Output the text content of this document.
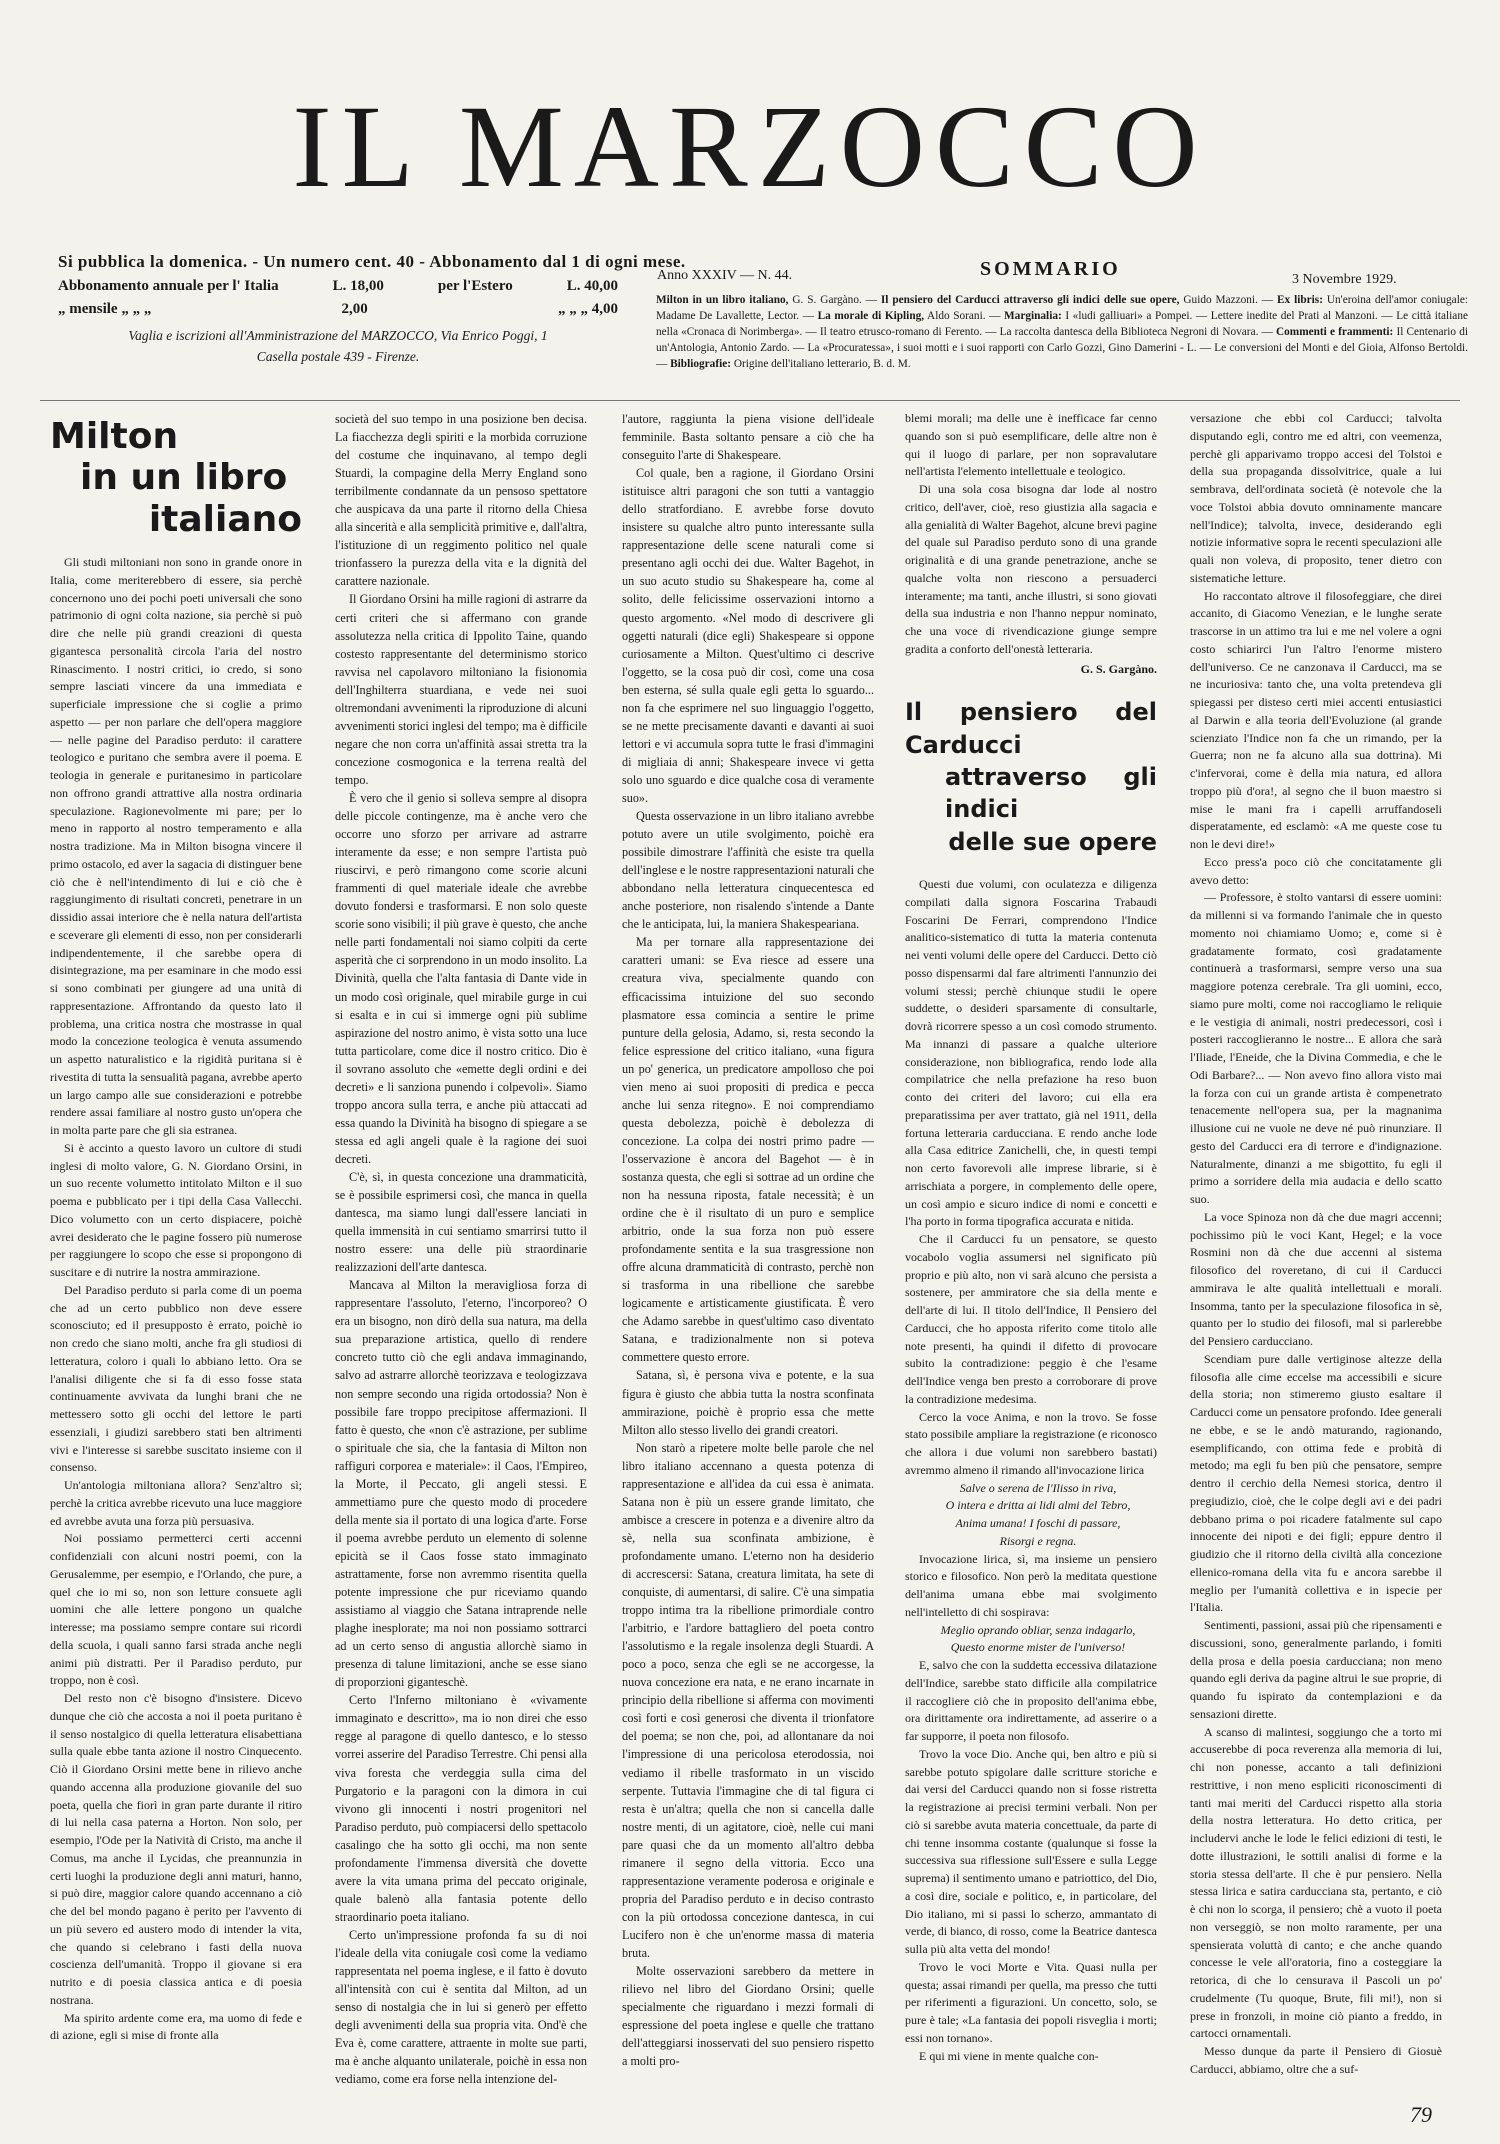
IL MARZOCCO
Si pubblica la domenica. - Un numero cent. 40 - Abbonamento dal 1 di ogni mese.
Abbonamento annuale per l' Italia	L. 18,00	per l'Estero	L. 40,00
„ mensile „ „ „	2,00	„ „ „ 4,00
Vaglia e iscrizioni all'Amministrazione del MARZOCCO, Via Enrico Poggi, 1
Casella postale 439 - Firenze.
Anno XXXIV — N. 44.	SOMMARIO	3 Novembre 1929.
Milton in un libro italiano, G. S. Gargàno. — Il pensiero del Carducci attraverso gli indici delle sue opere, Guido Mazzoni. — Ex libris: Un'eroina dell'amor coniugale: Madame De Lavallette, Lector. — La morale di Kipling, Aldo Sorani. — Marginalia: I «ludi galliuari» a Pompei. — Lettere inedite del Prati al Manzoni. — Le città italiane nella «Cronaca di Norimberga». — Il teatro etrusco-romano di Ferento. — La raccolta dantesca della Biblioteca Negroni di Novara. — Commenti e frammenti: Il Centenario di un'Antologia, Antonio Zardo. — La «Procuratessa», i suoi motti e i suoi rapporti con Carlo Gozzi, Gino Damerini - L. — Le conversioni del Monti e del Gioia, Alfonso Bertoldi. — Bibliografie: Origine dell'italiano letterario, B. d. M.
Milton
in un libro
italiano

Gli studi miltoniani non sono in grande onore in Italia, come meriterebbero di essere, sia perchè concernono uno dei pochi poeti universali che sono patrimonio di ogni colta nazione, sia perchè si può dire che nelle più grandi creazioni di questa gigantesca personalità circola l'aria del nostro Rinascimento. I nostri critici, io credo, si sono sempre lasciati vincere da una immediata e superficiale impressione che si coglie a primo aspetto — per non parlare che dell'opera maggiore — nelle pagine del Paradiso perduto: il carattere teologico e puritano che sembra avere il poema. E teologia in generale e puritanesimo in particolare non offrono grandi attrattive alla nostra ordinaria speculazione. Ragionevolmente mi pare; per lo meno in rapporto al nostro temperamento e alla nostra tradizione. Ma in Milton bisogna vincere il primo ostacolo, ed aver la sagacia di distinguer bene ciò che è nell'intendimento di lui e ciò che è raggiungimento di risultati concreti, penetrare in un dissidio assai interiore che è nella natura dell'artista e sceverare gli elementi di esso, non per considerarli indipendentemente, il che sarebbe opera di disintegrazione, ma per esaminare in che modo essi si sono combinati per giungere ad una unità di rappresentazione. Affrontando da questo lato il problema, una critica nostra che mostrasse in qual modo la concezione teologica è venuta assumendo un aspetto naturalistico e la rigidità puritana si è rivestita di tutta la sensualità pagana, avrebbe aperto un largo campo alle sue considerazioni e potrebbe rendere assai familiare al nostro gusto un'opera che in molta parte pare che gli sia estranea.

Si è accinto a questo lavoro un cultore di studi inglesi di molto valore, G. N. Giordano Orsini, in un suo recente volumetto intitolato Milton e il suo poema e pubblicato per i tipi della Casa Vallecchi. Dico volumetto con un certo dispiacere, poichè avrei desiderato che le pagine fossero più numerose per raggiungere lo scopo che esse si propongono di suscitare e di nutrire la nostra ammirazione.

Del Paradiso perduto si parla come di un poema che ad un certo pubblico non deve essere sconosciuto; ed il presupposto è errato, poichè io non credo che siano molti, anche fra gli studiosi di letteratura, coloro i quali lo abbiano letto. Ora se l'analisi diligente che si fa di esso fosse stata continuamente avvivata da lunghi brani che ne mettessero sotto gli occhi del lettore le parti essenziali, i giudizi sarebbero stati ben altrimenti vivi e l'interesse si sarebbe suscitato insieme con il consenso.

Un'antologia miltoniana allora? Senz'altro sì; perchè la critica avrebbe ricevuto una luce maggiore ed avrebbe avuta una forza più persuasiva.

Noi possiamo permetterci certi accenni confidenziali con alcuni nostri poemi, con la Gerusalemme, per esempio, e l'Orlando, che pure, a quel che io mi so, non son letture consuete agli uomini che alle lettere pongono un qualche interesse; ma possiamo sempre contare sui ricordi della scuola, i quali sanno farsi strada anche negli animi più distratti. Per il Paradiso perduto, pur troppo, non è così.

Del resto non c'è bisogno d'insistere. Dicevo dunque che ciò che accosta a noi il poeta puritano è il senso nostalgico di quella letteratura elisabettiana sulla quale ebbe tanta azione il nostro Cinquecento. Ciò il Giordano Orsini mette bene in rilievo anche quando accenna alla produzione giovanile del suo poeta, quella che fiorì in gran parte durante il ritiro di lui nella casa paterna a Horton. Non solo, per esempio, l'Ode per la Natività di Cristo, ma anche il Comus, ma anche il Lycidas, che preannunzia in certi luoghi la produzione degli anni maturi, hanno, si può dire, maggior calore quando accennano a ciò che del bel mondo pagano è perito per l'avvento di un più severo ed austero modo di intender la vita, che quando si celebrano i fasti della nuova coscienza dell'umanità. Troppo il giovane si era nutrito e di poesia classica antica e di poesia nostrana.

Ma spirito ardente come era, ma uomo di fede e di azione, egli si mise di fronte alla

società del suo tempo in una posizione ben decisa. La fiacchezza degli spiriti e la morbida corruzione del costume che inquinavano, al tempo degli Stuardi, la compagine della Merry England sono terribilmente condannate da un pensoso spettatore che auspicava da una parte il ritorno della Chiesa alla sincerità e alla semplicità primitive e, dall'altra, l'istituzione di un reggimento politico nel quale trionfassero la purezza della vita e la dignità del carattere nazionale.

Il Giordano Orsini ha mille ragioni di astrarre da certi criteri che si affermano con grande assolutezza nella critica di Ippolito Taine, quando costesto rappresentante del determinismo storico ravvisa nel capolavoro miltoniano la fisionomia dell'Inghilterra stuardiana, e vede nei suoi oltremondani avvenimenti la riproduzione di alcuni avvenimenti storici inglesi del tempo; ma è difficile negare che non corra un'affinità assai stretta tra la concezione cosmogonica e la terrena realtà del tempo.

È vero che il genio si solleva sempre al disopra delle piccole contingenze, ma è anche vero che occorre uno sforzo per arrivare ad astrarre interamente da esse; e non sempre l'artista può riuscirvi, e però rimangono come scorie alcuni frammenti di quel materiale ideale che avrebbe dovuto fondersi e trasformarsi. E non solo queste scorie sono visibili; il più grave è questo, che anche nelle parti fondamentali noi siamo colpiti da certe asperità che ci sorprendono in un modo insolito. La Divinità, quella che l'alta fantasia di Dante vide in un modo così originale, quel mirabile gurge in cui si esalta e in cui si immerge ogni più sublime aspirazione del nostro animo, è vista sotto una luce tutta particolare, come dice il nostro critico. Dio è il sovrano assoluto che «emette degli ordini e dei decreti» e li sanziona punendo i colpevoli». Siamo troppo ancora sulla terra, e anche più attaccati ad essa quando la Divinità ha bisogno di spiegare a se stessa ed agli angeli quale è la ragione dei suoi decreti.

C'è, sì, in questa concezione una drammaticità, se è possibile esprimersi così, che manca in quella dantesca, ma siamo lungi dall'essere lanciati in quella immensità in cui sentiamo smarrirsi tutto il nostro essere: una delle più straordinarie realizzazioni dell'arte dantesca.

Mancava al Milton la meravigliosa forza di rappresentare l'assoluto, l'eterno, l'incorporeo? O era un bisogno, non dirò della sua natura, ma della sua preparazione artistica, quello di rendere concreto tutto ciò che egli andava immaginando, salvo ad astrarre allorchè teorizzava e teologizzava non sempre secondo una rigida ortodossia? Non è possibile fare troppo precipitose affermazioni. Il fatto è questo, che «non c'è astrazione, per sublime o spirituale che sia, che la fantasia di Milton non raffiguri corporea e materiale»: il Caos, l'Empireo, la Morte, il Peccato, gli angeli stessi. E ammettiamo pure che questo modo di procedere della mente sia il portato di una logica d'arte. Forse il poema avrebbe perduto un elemento di solenne epicità se il Caos fosse stato immaginato astrattamente, forse non avremmo risentita quella potente impressione che pur riceviamo quando assistiamo al viaggio che Satana intraprende nelle plaghe inesplorate; ma noi non possiamo sottrarci ad un certo senso di angustia allorchè siamo in presenza di talune limitazioni, anche se esse siano di proporzioni giganteschè.

Certo l'Inferno miltoniano è «vivamente immaginato e descritto», ma io non direi che esso regge al paragone di quello dantesco, e lo stesso vorrei asserire del Paradiso Terrestre. Chi pensi alla viva foresta che verdeggia sulla cima del Purgatorio e la paragoni con la dimora in cui vivono gli innocenti i nostri progenitori nel Paradiso perduto, può compiacersi dello spettacolo casalingo che ha sotto gli occhi, ma non sente profondamente l'immensa diversità che dovette avere la vita umana prima del peccato originale, quale balenò alla fantasia potente dello straordinario poeta italiano.

Certo un'impressione profonda fa su di noi l'ideale della vita coniugale così come la vediamo rappresentata nel poema inglese, e il fatto è dovuto all'intensità con cui è sentita dal Milton, ad un senso di nostalgia che in lui si generò per effetto degli avvenimenti della sua propria vita. Ond'è che Eva è, come carattere, attraente in molte sue parti, ma è anche alquanto unilaterale, poichè in essa non vediamo, come era forse nella intenzione del-

l'autore, raggiunta la piena visione dell'ideale femminile. Basta soltanto pensare a ciò che ha conseguito l'arte di Shakespeare.

Col quale, ben a ragione, il Giordano Orsini istituisce altri paragoni che son tutti a vantaggio dello stratfordiano. E avrebbe forse dovuto insistere su qualche altro punto interessante sulla rappresentazione delle scene naturali come si presentano agli occhi dei due. Walter Bagehot, in un suo acuto studio su Shakespeare ha, come al solito, delle felicissime osservazioni intorno a questo argomento. «Nel modo di descrivere gli oggetti naturali (dice egli) Shakespeare si oppone curiosamente a Milton. Quest'ultimo ci descrive l'oggetto, se la cosa può dir così, come una cosa ben esterna, sé sulla quale egli getta lo sguardo... non fa che esprimere nel suo linguaggio l'oggetto, se ne mette precisamente davanti e davanti ai suoi lettori e vi accumula sopra tutte le frasi d'immagini di migliaia di anni; Shakespeare invece vi getta solo uno sguardo e dice qualche cosa di veramente suo».

Questa osservazione in un libro italiano avrebbe potuto avere un utile svolgimento, poichè era possibile dimostrare l'affinità che esiste tra quella dell'inglese e le nostre rappresentazioni naturali che abbondano nella letteratura cinquecentesca ed anche posteriore, non risalendo s'intende a Dante che le anticipata, lui, la maniera Shakespeariana.

Ma per tornare alla rappresentazione dei caratteri umani: se Eva riesce ad essere una creatura viva, specialmente quando con efficacissima intuizione del suo secondo plasmatore essa comincia a sentire le prime punture della gelosia, Adamo, si, resta secondo la felice espressione del critico italiano, «una figura un po' generica, un predicatore ampolloso che poi vien meno ai suoi propositi di predica e pecca anche lui senza ritegno». E noi comprendiamo questa debolezza, poichè è debolezza di concezione. La colpa dei nostri primo padre — l'osservazione è ancora del Bagehot — è in sostanza questa, che egli si sottrae ad un ordine che non ha nessuna riposta, fatale necessità; è un ordine che è il risultato di un puro e semplice arbitrio, onde la sua forza non può essere profondamente sentita e la sua trasgressione non offre alcuna drammaticità di contrasto, perchè non si trasforma in una ribellione che sarebbe logicamente e artisticamente giustificata. È vero che Adamo sarebbe in quest'ultimo caso diventato Satana, e tradizionalmente non si poteva commettere questo errore.

Satana, sì, è persona viva e potente, e la sua figura è giusto che abbia tutta la nostra sconfinata ammirazione, poichè è proprio essa che mette Milton allo stesso livello dei grandi creatori.

Non starò a ripetere molte belle parole che nel libro italiano accennano a questa potenza di rappresentazione e all'idea da cui essa è animata. Satana non è più un essere grande limitato, che ambisce a crescere in potenza e a divenire altro da sè, nella sua sconfinata ambizione, è profondamente umano. L'eterno non ha desiderio di accrescersi: Satana, creatura limitata, ha sete di conquiste, di aumentarsi, di salire. C'è una simpatia troppo intima tra la ribellione primordiale contro l'arbitrio, e l'ardore battagliero del poeta contro l'assolutismo e la regale insolenza degli Stuardi. A poco a poco, senza che egli se ne accorgesse, la nuova concezione era nata, e ne erano incarnate in principio della ribellione si afferma con movimenti così forti e così generosi che diventa il trionfatore del poema; se non che, poi, ad allontanare da noi l'impressione di una pericolosa eterodossia, noi vediamo il ribelle trasformato in un viscido serpente. Tuttavia l'immagine che di tal figura ci resta è un'altra; quella che non si cancella dalle nostre menti, di un agitatore, cioè, nelle cui mani pare quasi che da un momento all'altro debba rimanere il segno della vittoria. Ecco una rappresentazione veramente poderosa e originale e propria del Paradiso perduto e in deciso contrasto con la più ortodossa concezione dantesca, in cui Lucifero non è che un'enorme massa di materia bruta.

Molte osservazioni sarebbero da mettere in rilievo nel libro del Giordano Orsini; quelle specialmente che riguardano i mezzi formali di espressione del poeta inglese e quelle che trattano dell'atteggiarsi inosservati del suo pensiero rispetto a molti pro-

blemi morali; ma delle une è inefficace far cenno quando son si può esemplificare, delle altre non è qui il luogo di parlare, per non sopravalutare nell'artista l'elemento intellettuale e teologico.

Di una sola cosa bisogna dar lode al nostro critico, dell'aver, cioè, reso giustizia alla sagacia e alla genialità di Walter Bagehot, alcune brevi pagine del quale sul Paradiso perduto sono di una grande originalità e di una grande penetrazione, anche se qualche volta non riescono a persuaderci interamente; ma tanti, anche illustri, si sono giovati della sua industria e non l'hanno neppur nominato, che una voce di rivendicazione giunge sempre gradita a conforto dell'onestà letteraria.

G. S. Gargàno.
Il pensiero del Carducci
attraverso gli indici
delle sue opere

Questi due volumi, con oculatezza e diligenza compilati dalla signora Foscarina Trabaudi Foscarini De Ferrari, comprendono l'Indice analitico-sistematico di tutta la materia contenuta nei venti volumi delle opere del Carducci. Detto ciò posso dispensarmi dal fare altrimenti l'annunzio dei volumi stessi; perchè chiunque studii le opere suddette, o desideri sparsamente di consultarle, dovrà ricorrere spesso a un così comodo strumento. Ma innanzi di passare a qualche ulteriore considerazione, non bibliografica, rendo lode alla compilatrice che nella prefazione ha reso buon conto dei criteri del lavoro; cui ella era preparatissima per aver trattato, già nel 1911, della fortuna letteraria carducciana. E rendo anche lode alla Casa editrice Zanichelli, che, in questi tempi non certo favorevoli alle imprese librarie, si è arrischiata a porgere, in complemento delle opere, un così ampio e sicuro indice di nomi e concetti e l'ha porto in forma tipografica accurata e nitida.

Che il Carducci fu un pensatore, se questo vocabolo voglia assumersi nel significato più proprio e più alto, non vi sarà alcuno che persista a sostenere, per ammiratore che sia della mente e dell'arte di lui. Il titolo dell'Indice, Il Pensiero del Carducci, che ho apposta riferito come titolo alle note presenti, ha quindi il difetto di provocare subito la contradizione: peggio è che l'esame dell'Indice venga ben presto a corroborare di prove la contradizione medesima.

Cerco la voce Anima, e non la trovo. Se fosse stato possibile ampliare la registrazione (e riconosco che allora i due volumi non sarebbero bastati) avremmo almeno il rimando all'invocazione lirica

Salve o serena de l'Ilisso in riva,

O intera e dritta ai lidi almi del Tebro,

Anima umana! I foschi di passare,

Risorgi e regna.

Invocazione lirica, sì, ma insieme un pensiero storico e filosofico. Non però la meditata questione dell'anima umana ebbe mai svolgimento nell'intelletto di chi sospirava:

Meglio oprando obliar, senza indagarlo,

Questo enorme mister de l'universo!

E, salvo che con la suddetta eccessiva dilatazione dell'Indice, sarebbe stato difficile alla compilatrice il raccogliere ciò che in proposito dell'anima ebbe, ora dirittamente ora indirettamente, ad asserire o a far supporre, il poeta non filosofo.

Trovo la voce Dio. Anche qui, ben altro e più si sarebbe potuto spigolare dalle scritture storiche e dai versi del Carducci quando non si fosse ristretta la registrazione ai precisi termini verbali. Non per ciò si sarebbe avuta materia concettuale, da parte di chi tenne insomma costante (qualunque si fosse la successiva sua riflessione sull'Essere e sulla Legge suprema) il sentimento umano e patriottico, del Dio, a così dire, sociale e politico, e, in particolare, del Dio italiano, mi si passi lo scherzo, ammantato di verde, di bianco, di rosso, come la Beatrice dantesca sulla più alta vetta del mondo!

Trovo le voci Morte e Vita. Quasi nulla per questa; assai rimandi per quella, ma presso che tutti per riferimenti a figurazioni. Un concetto, solo, se pure è tale; «La fantasia dei popoli risveglia i morti; essi non tornano».

E qui mi viene in mente qualche con-

versazione che ebbi col Carducci; talvolta disputando egli, contro me ed altri, con veemenza, perchè gli apparivamo troppo accesi del Tolstoi e della sua propaganda dissolvitrice, quale a lui sembrava, dell'ordinata società (è notevole che la voce Tolstoi abbia dovuto omninamente mancare nell'Indice); talvolta, invece, desiderando egli notizie informative sopra le recenti speculazioni alle quali non voleva, di proposito, tener dietro con sistematiche letture.

Ho raccontato altrove il filosofeggiare, che direi accanito, di Giacomo Venezian, e le lunghe serate trascorse in un attimo tra lui e me nel volere a ogni costo schiarirci l'un l'altro l'enorme mistero dell'universo. Ce ne canzonava il Carducci, ma se ne incuriosiva: tanto che, una volta pretendeva gli spiegassi per disteso certi miei accenti entusiastici al Darwin e alla teoria dell'Evoluzione (al grande scienziato l'Indice non fa che un rimando, per la Guerra; non ne fa alcuno alla sua dottrina). Mi c'infervorai, come è della mia natura, ed allora troppo più d'ora!, al segno che il buon maestro si mise le mani fra i capelli arruffandoseli disperatamente, ed esclamò: «A me queste cose tu non le devi dire!»

Ecco press'a poco ciò che concitatamente gli avevo detto:

— Professore, è stolto vantarsi di essere uomini: da millenni si va formando l'animale che in questo momento noi chiamiamo Uomo; e, come si è gradatamente formato, così gradatamente continuerà a trasformarsi, sempre verso una sua maggiore potenza cerebrale. Tra gli uomini, ecco, siamo pure molti, come noi raccogliamo le reliquie e le vestigia di animali, nostri predecessori, così i posteri raccoglieranno le nostre... E allora che sarà l'Iliade, l'Eneide, che la Divina Commedia, e che le Odi Barbare?... — Non avevo fino allora visto mai la forza con cui un grande artista è compenetrato tenacemente nell'opera sua, per la magnanima illusione cui ne vuole ne deve né può rinunziare. Il gesto del Carducci era di terrore e d'indignazione. Naturalmente, dinanzi a me sbigottito, fu egli il primo a sorridere della mia audacia e dello scatto suo.

La voce Spinoza non dà che due magri accenni; pochissimo più le voci Kant, Hegel; e la voce Rosmini non dà che due accenni al sistema filosofico del roveretano, di cui il Carducci ammirava le alte qualità intellettuali e morali. Insomma, tanto per la speculazione filosofica in sè, quanto per lo studio dei filosofi, mal si parlerebbe del Pensiero carducciano.

Scendiam pure dalle vertiginose altezze della filosofia alle cime eccelse ma accessibili e sicure della storia; non stimeremo giusto esaltare il Carducci come un pensatore profondo. Idee generali ne ebbe, e se le andò maturando, ragionando, esemplificando, con ottima fede e probità di metodo; ma egli fu ben più che pensatore, sempre dentro il cerchio della Nemesi storica, dentro il pregiudizio, cioè, che le colpe degli avi e dei padri debbano prima o poi ricadere fatalmente sul capo innocente dei nipoti e dei figli; eppure dentro il giudizio che il ritorno della civiltà alla concezione ellenico-romana della vita fu e ancora sarebbe il meglio per l'umanità collettiva e in ispecie per l'Italia.

Sentimenti, passioni, assai più che ripensamenti e discussioni, sono, generalmente parlando, i fomiti della prosa e della poesia carducciana; non meno quando egli deriva da pagine altrui le sue proprie, di quando fu ispirato da contemplazioni e da sensazioni dirette.

A scanso di malintesi, soggiungo che a torto mi accuserebbe di poca reverenza alla memoria di lui, chi non ponesse, accanto a tali definizioni restrittive, i non meno espliciti riconoscimenti di tanti mai meriti del Carducci rispetto alla storia della nostra letteratura. Ho detto critica, per includervi anche le lode le felici edizioni di testi, le dotte illustrazioni, le sottili analisi di forme e la storia stessa dell'arte. Il che è pur pensiero. Nella stessa lirica e satira carducciana sta, pertanto, e ciò è chi non lo scorga, il pensiero; chè a vuoto il poeta non verseggiò, se non molto raramente, per una spensierata voluttà di canto; e che anche quando concesse le vele all'oratoria, fino a costeggiare la retorica, di che lo censurava il Pascoli un po' crudelmente (Tu quoque, Brute, fili mi!), non si prese in fronzoli, in moine ciò pianto a freddo, in cartocci ornamentali.

Messo dunque da parte il Pensiero di Giosuè Carducci, abbiamo, oltre che a suf-

79
